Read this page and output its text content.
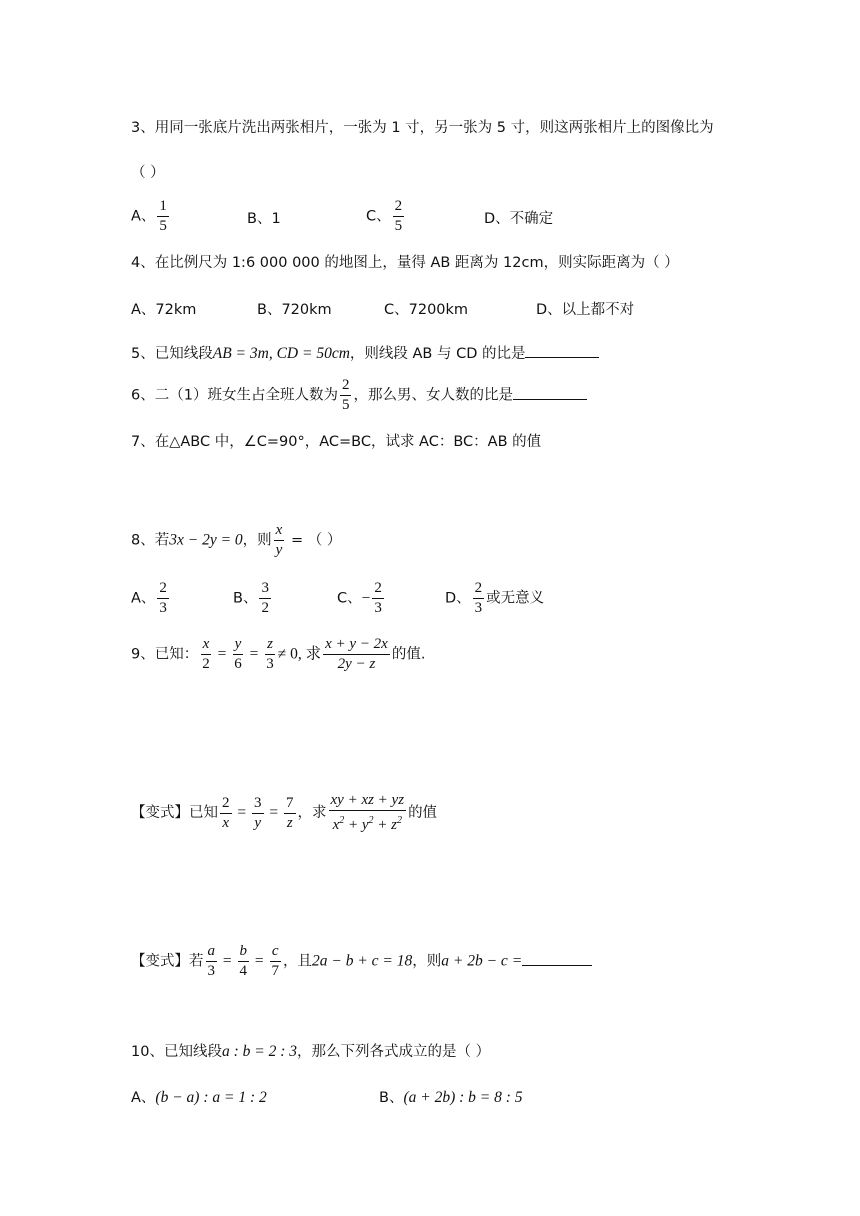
3、用同一张底片洗出两张相片，一张为 1 寸，另一张为 5 寸，则这两张相片上的图像比为
（ ）
A、 $\frac{1}{5}$	B、1	C、 $\frac{2}{5}$	D、不确定
4、在比例尺为 1:6 000 000 的地图上，量得 AB 距离为 12cm，则实际距离为（ ）
A、72km	B、720km	C、7200km	D、以上都不对
5、已知线段AB = 3m, CD = 50cm，则线段 AB 与 CD 的比是
6、二（1）班女生占全班人数为 $\frac{2}{5}$ ，那么男、女人数的比是
7、在△ABC 中，∠C=90°，AC=BC，试求 AC：BC：AB 的值
8、若3x − 2y = 0，则 $\frac{x}{y}$ = （ ）
A、 $\frac{2}{3}$	B、 $\frac{3}{2}$	C、− $\frac{2}{3}$	D、 $\frac{2}{3}$ 或无意义
9、已知： $\frac{x}{2} = \frac{y}{6} = \frac{z}{3} \ne 0$, 求 $\frac{x + y - 2x}{2y - z}$ 的值.
【变式】已知 $\frac{2}{x} = \frac{3}{y} = \frac{7}{z}$ ，求 $\frac{xy + xz + yz}{x^2 + y^2 + z^2}$ 的值
【变式】若 $\frac{a}{3} = \frac{b}{4} = \frac{c}{7}$ ，且2a − b + c = 18，则a + 2b − c =
10、已知线段a : b = 2 : 3，那么下列各式成立的是（ ）
A、(b − a) : a = 1 : 2	B、(a + 2b) : b = 8 : 5
